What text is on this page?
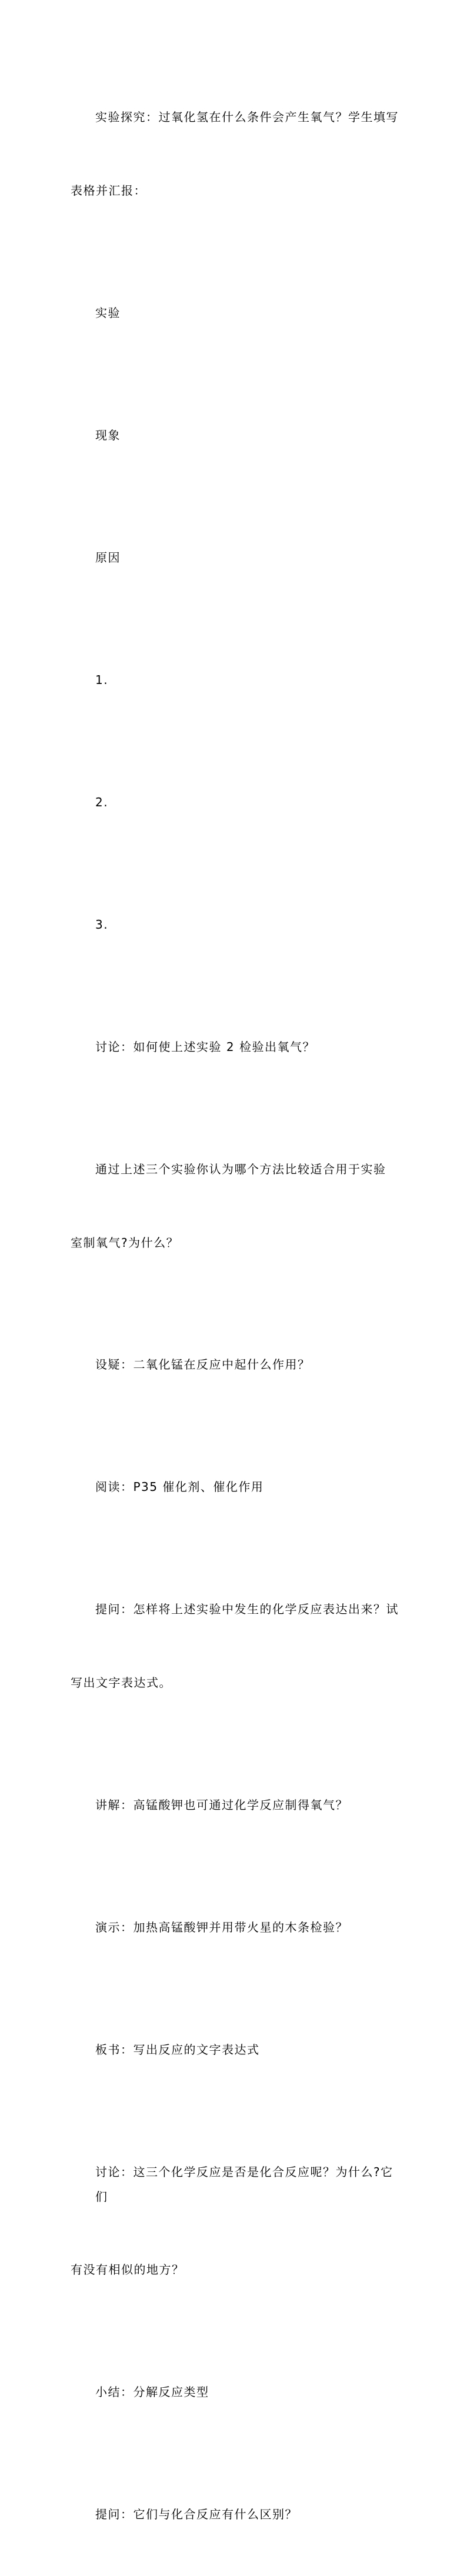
实验探究：过氧化氢在什么条件会产生氧气？学生填写

表格并汇报：

实验

现象

原因

1.

2.

3.

讨论：如何使上述实验 2 检验出氧气？

通过上述三个实验你认为哪个方法比较适合用于实验

室制氧气?为什么？

设疑：二氧化锰在反应中起什么作用？

阅读：P35 催化剂、催化作用

提问：怎样将上述实验中发生的化学反应表达出来？试

写出文字表达式。

讲解：高锰酸钾也可通过化学反应制得氧气？

演示：加热高锰酸钾并用带火星的木条检验？

板书：写出反应的文字表达式

讨论：这三个化学反应是否是化合反应呢？为什么?它们

有没有相似的地方？

小结：分解反应类型

提问：它们与化合反应有什么区别？
